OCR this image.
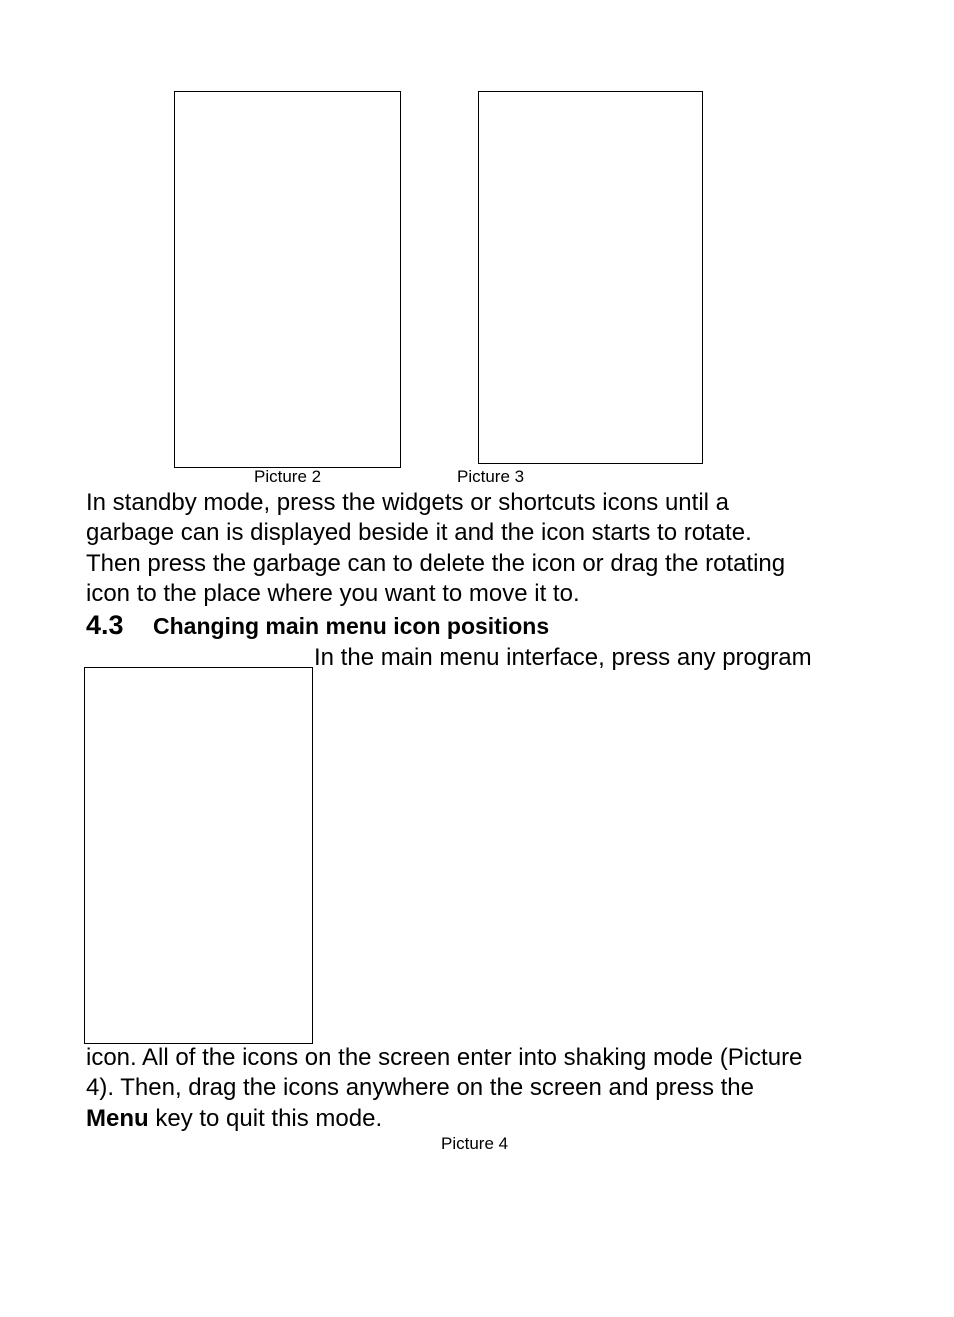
Picture 2	Picture 3

In standby mode, press the widgets or shortcuts icons until a
garbage can is displayed beside it and the icon starts to rotate.
Then press the garbage can to delete the icon or drag the rotating
icon to the place where you want to move it to.

4.3 Changing main menu icon positions
In the main menu interface, press any program

icon. All of the icons on the screen enter into shaking mode (Picture
4). Then, drag the icons anywhere on the screen and press the
Menu key to quit this mode.

Picture 4
